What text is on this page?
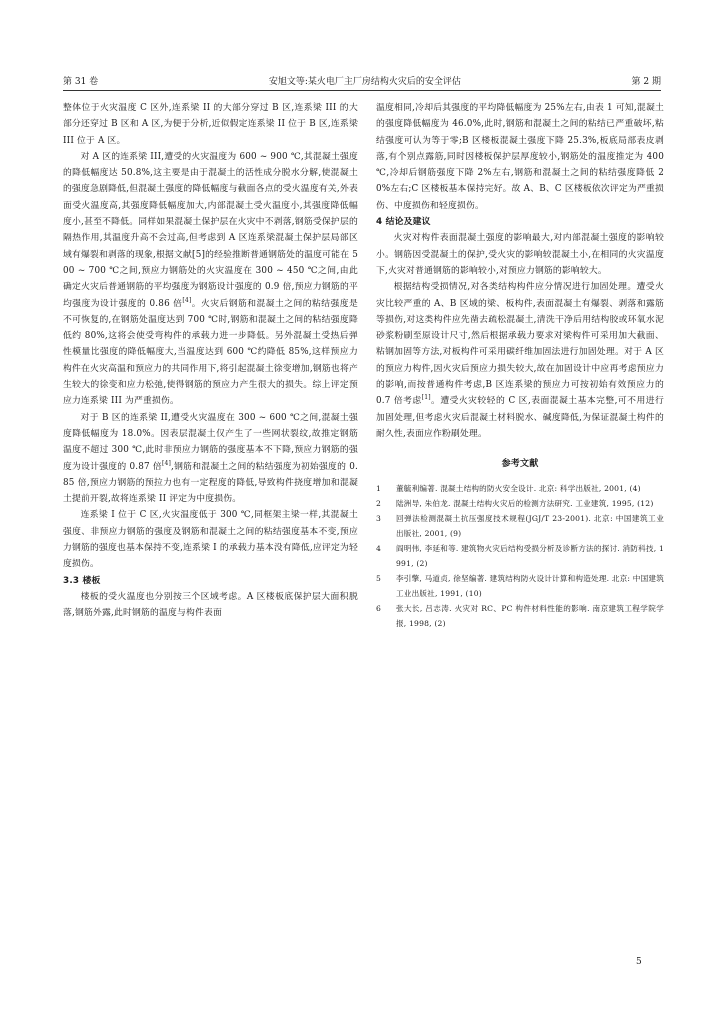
第 31 卷	安旭文等:某火电厂主厂房结构火灾后的安全评估	第 2 期

整体位于火灾温度 C 区外,连系梁 II 的大部分穿过 B 区,连系梁 III 的大部分还穿过 B 区和 A 区,为便于分析,近似假定连系梁 II 位于 B 区,连系梁 III 位于 A 区。

对 A 区的连系梁 III,遭受的火灾温度为 600 ~ 900 ℃,其混凝土强度的降低幅度达 50.8%,这主要是由于混凝土的活性成分脱水分解,使混凝土的强度急剧降低,但混凝土强度的降低幅度与截面各点的受火温度有关,外表面受火温度高,其强度降低幅度加大,内部混凝土受火温度小,其强度降低幅度小,甚至不降低。同样如果混凝土保护层在火灾中不剥落,钢筋受保护层的隔热作用,其温度升高不会过高,但考虑到 A 区连系梁混凝土保护层局部区域有爆裂和剥落的现象,根据文献[5]的经验推断普通钢筋处的温度可能在 500 ~ 700 ℃之间,预应力钢筋处的火灾温度在 300 ~ 450 ℃之间,由此确定火灾后普通钢筋的平均强度为钢筋设计强度的 0.9 倍,预应力钢筋的平均强度为设计强度的 0.86 倍[4]。火灾后钢筋和混凝土之间的粘结强度是不可恢复的,在钢筋处温度达到 700 ℃时,钢筋和混凝土之间的粘结强度降低约 80%,这将会使受弯构件的承载力进一步降低。另外混凝土受热后弹性模量比强度的降低幅度大,当温度达到 600 ℃约降低 85%,这样预应力构件在火灾高温和预应力的共同作用下,将引起混凝土徐变增加,钢筋也将产生较大的徐变和应力松弛,使得钢筋的预应力产生很大的损失。综上评定预应力连系梁 III 为严重损伤。

对于 B 区的连系梁 II,遭受火灾温度在 300 ~ 600 ℃之间,混凝土强度降低幅度为 18.0%。因表层混凝土仅产生了一些网状裂纹,故推定钢筋温度不超过 300 ℃,此时非预应力钢筋的强度基本不下降,预应力钢筋的强度为设计强度的 0.87 倍[4],钢筋和混凝土之间的粘结强度为初始强度的 0.85 倍,预应力钢筋的预拉力也有一定程度的降低,导致构件挠度增加和混凝土提前开裂,故将连系梁 II 评定为中度损伤。

连系梁 I 位于 C 区,火灾温度低于 300 ℃,同框架主梁一样,其混凝土强度、非预应力钢筋的强度及钢筋和混凝土之间的粘结强度基本不变,预应力钢筋的强度也基本保持不变,连系梁 I 的承载力基本没有降低,应评定为轻度损伤。

3.3 楼板

楼板的受火温度也分别按三个区域考虑。A 区楼板底保护层大面积脱落,钢筋外露,此时钢筋的温度与构件表面

温度相同,冷却后其强度的平均降低幅度为 25%左右,由表 1 可知,混凝土的强度降低幅度为 46.0%,此时,钢筋和混凝土之间的粘结已严重破坏,粘结强度可认为等于零;B 区楼板混凝土强度下降 25.3%,板底局部表皮剥落,有个别点露筋,同时因楼板保护层厚度较小,钢筋处的温度推定为 400 ℃,冷却后钢筋强度下降 2%左右,钢筋和混凝土之间的粘结强度降低 20%左右;C 区楼板基本保持完好。故 A、B、C 区楼板依次评定为严重损伤、中度损伤和轻度损伤。

4 结论及建议

火灾对构件表面混凝土强度的影响最大,对内部混凝土强度的影响较小。钢筋因受混凝土的保护,受火灾的影响较混凝土小,在相同的火灾温度下,火灾对普通钢筋的影响较小,对预应力钢筋的影响较大。

根据结构受损情况,对各类结构构件应分情况进行加固处理。遭受火灾比较严重的 A、B 区域的梁、板构件,表面混凝土有爆裂、剥落和露筋等损伤,对这类构件应先凿去疏松混凝土,清洗干净后用结构胶或环氧水泥砂浆粉刷至原设计尺寸,然后根据承载力要求对梁构件可采用加大截面、粘钢加固等方法,对板构件可采用碳纤维加固法进行加固处理。对于 A 区的预应力构件,因火灾后预应力损失较大,故在加固设计中应再考虑预应力的影响,而按普通构件考虑,B 区连系梁的预应力可按初始有效预应力的 0.7 倍考虑[1]。遭受火灾较轻的 C 区,表面混凝土基本完整,可不用进行加固处理,但考虑火灾后混凝土材料脱水、碱度降低,为保证混凝土构件的耐久性,表面应作粉刷处理。

参考文献
1	董毓利编著. 混凝土结构的防火安全设计. 北京: 科学出版社, 2001, (4)
2	陆洲导, 朱伯龙. 混凝土结构火灾后的检测方法研究. 工业建筑, 1995, (12)
3	回弹法检测混凝土抗压强度技术规程(JGJ/T 23-2001). 北京: 中国建筑工业出版社, 2001, (9)
4	阎明伟, 李延和等. 建筑物火灾后结构受损分析及诊断方法的探讨. 消防科技, 1991, (2)
5	李引擎, 马道贞, 徐坚编著. 建筑结构防火设计计算和构造处理. 北京: 中国建筑工业出版社, 1991, (10)
6	张大长, 吕志涛. 火灾对 RC、PC 构件材料性能的影响. 南京建筑工程学院学报, 1998, (2)
5
